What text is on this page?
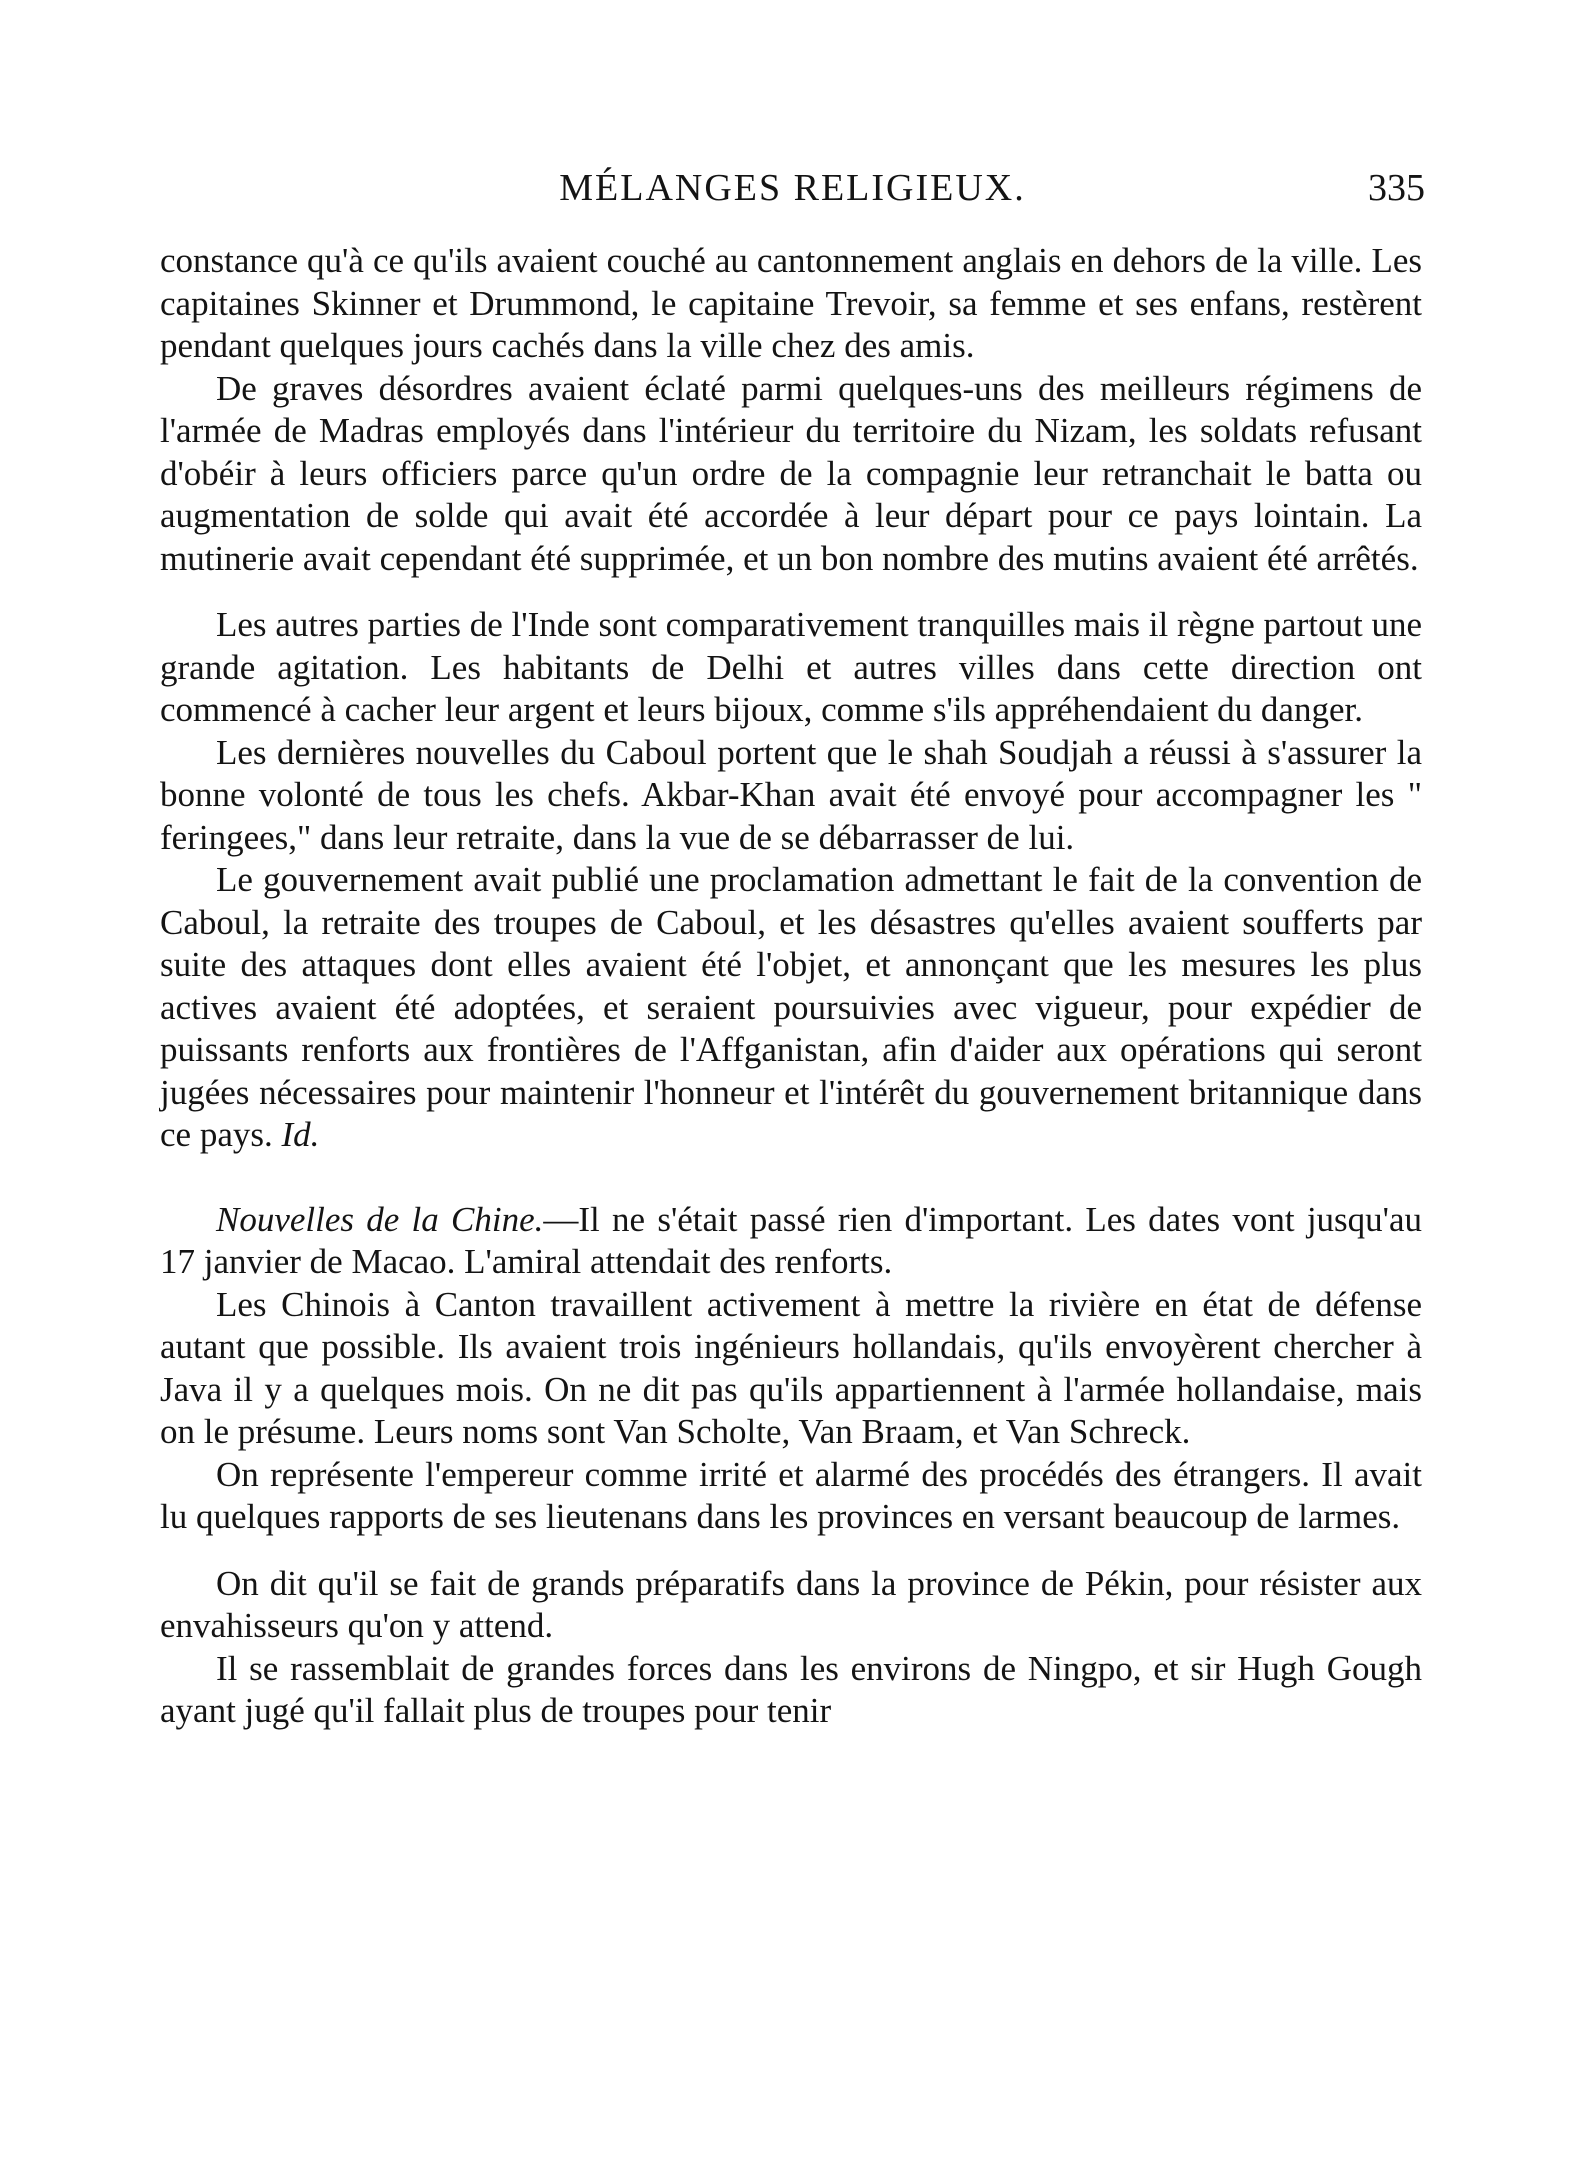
MÉLANGES RELIGIEUX.	335

constance qu'à ce qu'ils avaient couché au cantonnement anglais en dehors de la ville. Les capitaines Skinner et Drummond, le capitaine Trevoir, sa femme et ses enfans, restèrent pendant quelques jours cachés dans la ville chez des amis.

De graves désordres avaient éclaté parmi quelques-uns des meilleurs régimens de l'armée de Madras employés dans l'intérieur du territoire du Nizam, les soldats refusant d'obéir à leurs officiers parce qu'un ordre de la compagnie leur retranchait le batta ou augmentation de solde qui avait été accordée à leur départ pour ce pays lointain. La mutinerie avait cependant été supprimée, et un bon nombre des mutins avaient été arrêtés.

Les autres parties de l'Inde sont comparativement tranquilles mais il règne partout une grande agitation. Les habitants de Delhi et autres villes dans cette direction ont commencé à cacher leur argent et leurs bijoux, comme s'ils appréhendaient du danger.

Les dernières nouvelles du Caboul portent que le shah Soudjah a réussi à s'assurer la bonne volonté de tous les chefs. Akbar-Khan avait été envoyé pour accompagner les " feringees," dans leur retraite, dans la vue de se débarrasser de lui.

Le gouvernement avait publié une proclamation admettant le fait de la convention de Caboul, la retraite des troupes de Caboul, et les désastres qu'elles avaient soufferts par suite des attaques dont elles avaient été l'objet, et annonçant que les mesures les plus actives avaient été adoptées, et seraient poursuivies avec vigueur, pour expédier de puissants renforts aux frontières de l'Affganistan, afin d'aider aux opérations qui seront jugées nécessaires pour maintenir l'honneur et l'intérêt du gouvernement britannique dans ce pays. Id.

Nouvelles de la Chine.—Il ne s'était passé rien d'important. Les dates vont jusqu'au 17 janvier de Macao. L'amiral attendait des renforts.

Les Chinois à Canton travaillent activement à mettre la rivière en état de défense autant que possible. Ils avaient trois ingénieurs hollandais, qu'ils envoyèrent chercher à Java il y a quelques mois. On ne dit pas qu'ils appartiennent à l'armée hollandaise, mais on le présume. Leurs noms sont Van Scholte, Van Braam, et Van Schreck.

On représente l'empereur comme irrité et alarmé des procédés des étrangers. Il avait lu quelques rapports de ses lieutenans dans les provinces en versant beaucoup de larmes.

On dit qu'il se fait de grands préparatifs dans la province de Pékin, pour résister aux envahisseurs qu'on y attend.

Il se rassemblait de grandes forces dans les environs de Ningpo, et sir Hugh Gough ayant jugé qu'il fallait plus de troupes pour tenir
